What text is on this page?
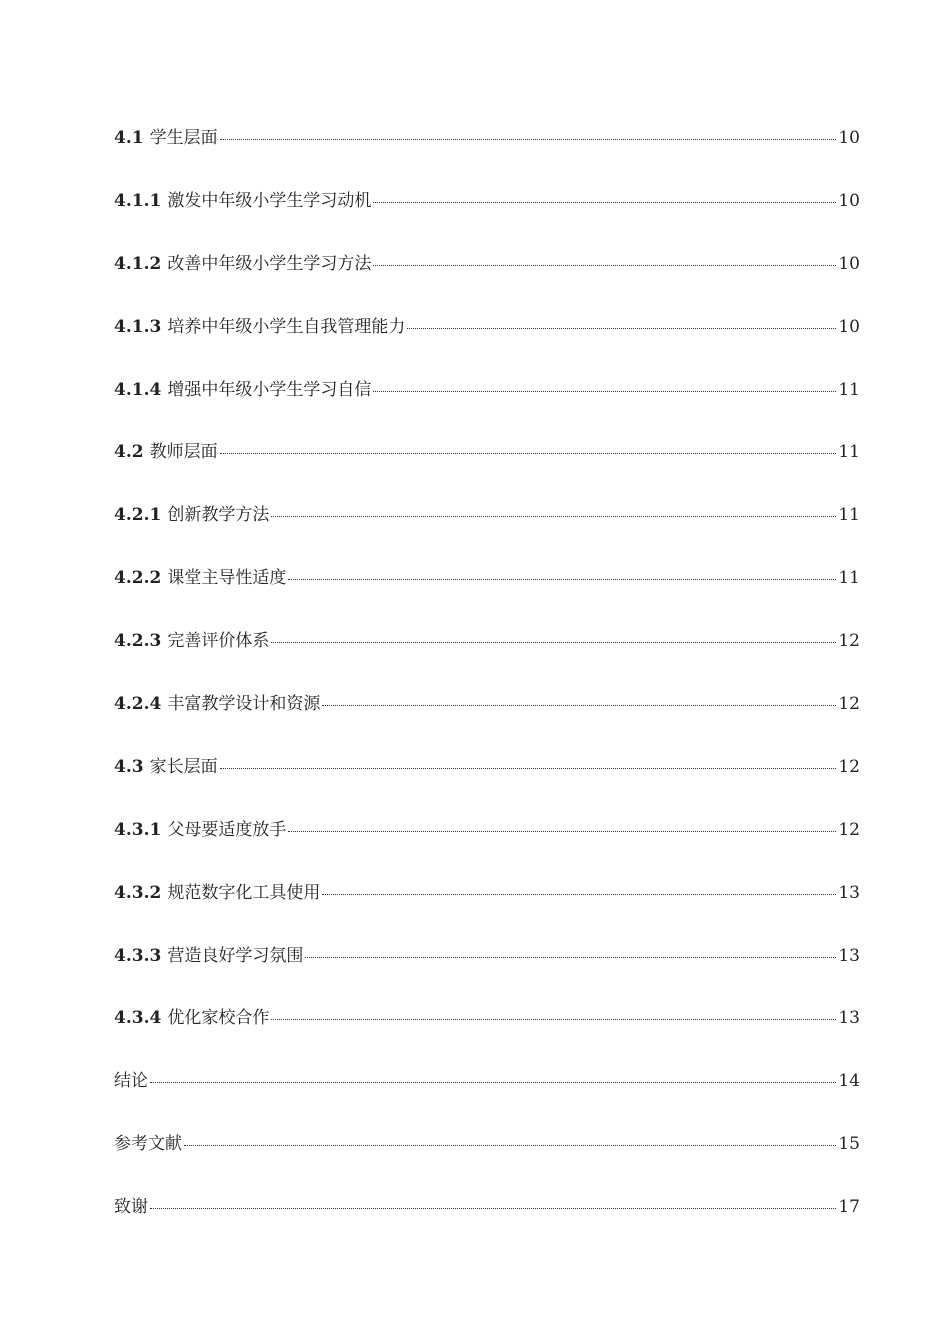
4.1 学生层面	10
4.1.1 激发中年级小学生学习动机	10
4.1.2 改善中年级小学生学习方法	10
4.1.3 培养中年级小学生自我管理能力	10
4.1.4 增强中年级小学生学习自信	11
4.2 教师层面	11
4.2.1 创新教学方法	11
4.2.2 课堂主导性适度	11
4.2.3 完善评价体系	12
4.2.4 丰富教学设计和资源	12
4.3 家长层面	12
4.3.1 父母要适度放手	12
4.3.2 规范数字化工具使用	13
4.3.3 营造良好学习氛围	13
4.3.4 优化家校合作	13
结论	14
参考文献	15
致谢	17
